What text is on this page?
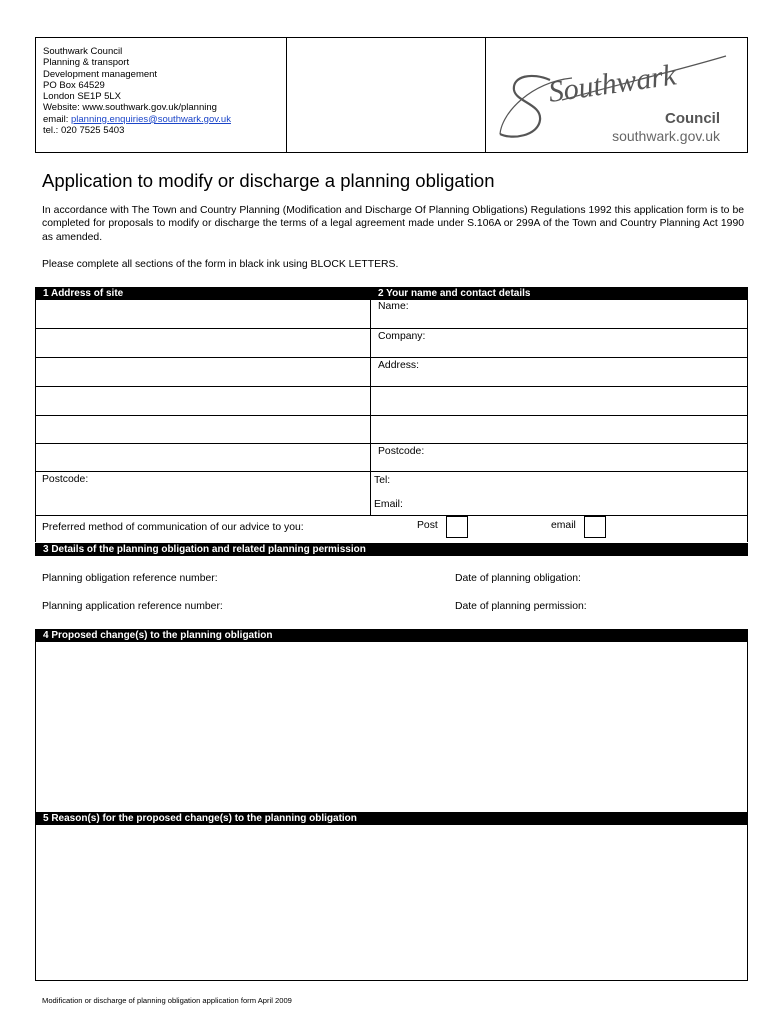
Southwark Council
Planning & transport
Development management
PO Box 64529
London SE1P 5LX
Website: www.southwark.gov.uk/planning
email: planning.enquiries@southwark.gov.uk
tel.: 020 7525 5403
Southwark
Council
southwark.gov.uk
Application to modify or discharge a planning obligation
In accordance with The Town and Country Planning (Modification and Discharge Of Planning Obligations) Regulations 1992 this application form is to be completed for proposals to modify or discharge the terms of a legal agreement made under S.106A or 299A of the Town and Country Planning Act 1990 as amended.
Please complete all sections of the form in black ink using BLOCK LETTERS.
1 Address of site	2 Your name and contact details
Postcode:
Name:
Company:
Address:
Postcode:
Tel:
Email:
Preferred method of communication of our advice to you:	Post	email
3 Details of the planning obligation and related planning permission
Planning obligation reference number:	Date of planning obligation:
Planning application reference number:	Date of planning permission:
4 Proposed change(s) to the planning obligation
5 Reason(s) for the proposed change(s) to the planning obligation
Modification or discharge of planning obligation application form April 2009
